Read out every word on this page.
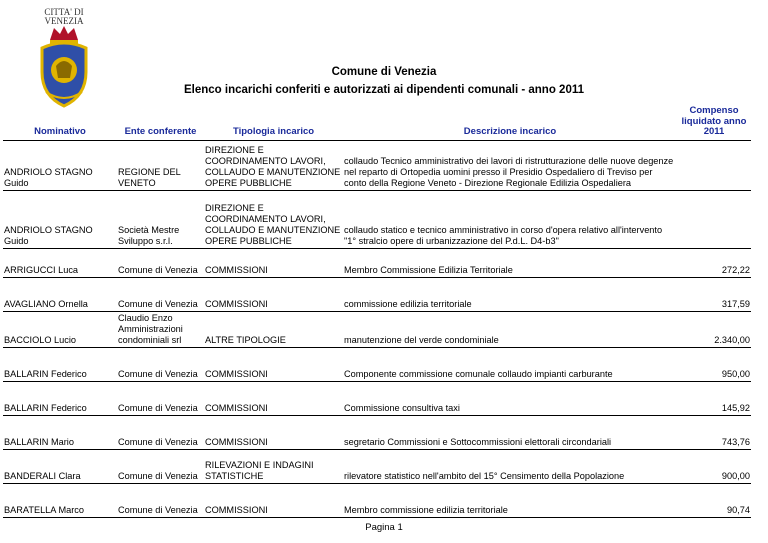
CITTA' DI
VENEZIA
Comune di Venezia
Elenco incarichi conferiti e autorizzati ai dipendenti comunali - anno 2011
Nominativo	Ente conferente	Tipologia incarico	Descrizione incarico	Compenso liquidato anno 2011
ANDRIOLO STAGNO Guido	REGIONE DEL VENETO	DIREZIONE E COORDINAMENTO LAVORI, COLLAUDO E MANUTENZIONE OPERE PUBBLICHE	collaudo Tecnico amministrativo dei lavori di ristrutturazione delle nuove degenze nel reparto di Ortopedia uomini presso il Presidio Ospedaliero di Treviso per conto della Regione Veneto - Direzione Regionale Edilizia Ospedaliera	
ANDRIOLO STAGNO Guido	Società Mestre Sviluppo s.r.l.	DIREZIONE E COORDINAMENTO LAVORI, COLLAUDO E MANUTENZIONE OPERE PUBBLICHE	collaudo statico e tecnico amministrativo in corso d'opera relativo all'intervento "1° stralcio opere di urbanizzazione del P.d.L. D4-b3"	
ARRIGUCCI Luca	Comune di Venezia	COMMISSIONI	Membro Commissione Edilizia Territoriale	272,22
AVAGLIANO Ornella	Comune di Venezia	COMMISSIONI	commissione edilizia territoriale	317,59
BACCIOLO Lucio	Claudio Enzo Amministrazioni condominiali srl	ALTRE TIPOLOGIE	manutenzione del verde condominiale	2.340,00
BALLARIN Federico	Comune di Venezia	COMMISSIONI	Componente commissione comunale collaudo impianti carburante	950,00
BALLARIN Federico	Comune di Venezia	COMMISSIONI	Commissione consultiva taxi	145,92
BALLARIN Mario	Comune di Venezia	COMMISSIONI	segretario Commissioni e Sottocommissioni elettorali circondariali	743,76
BANDERALI Clara	Comune di Venezia	RILEVAZIONI E INDAGINI STATISTICHE	rilevatore statistico nell'ambito del 15° Censimento della Popolazione	900,00
BARATELLA Marco	Comune di Venezia	COMMISSIONI	Membro commissione edilizia territoriale	90,74
Pagina 1
